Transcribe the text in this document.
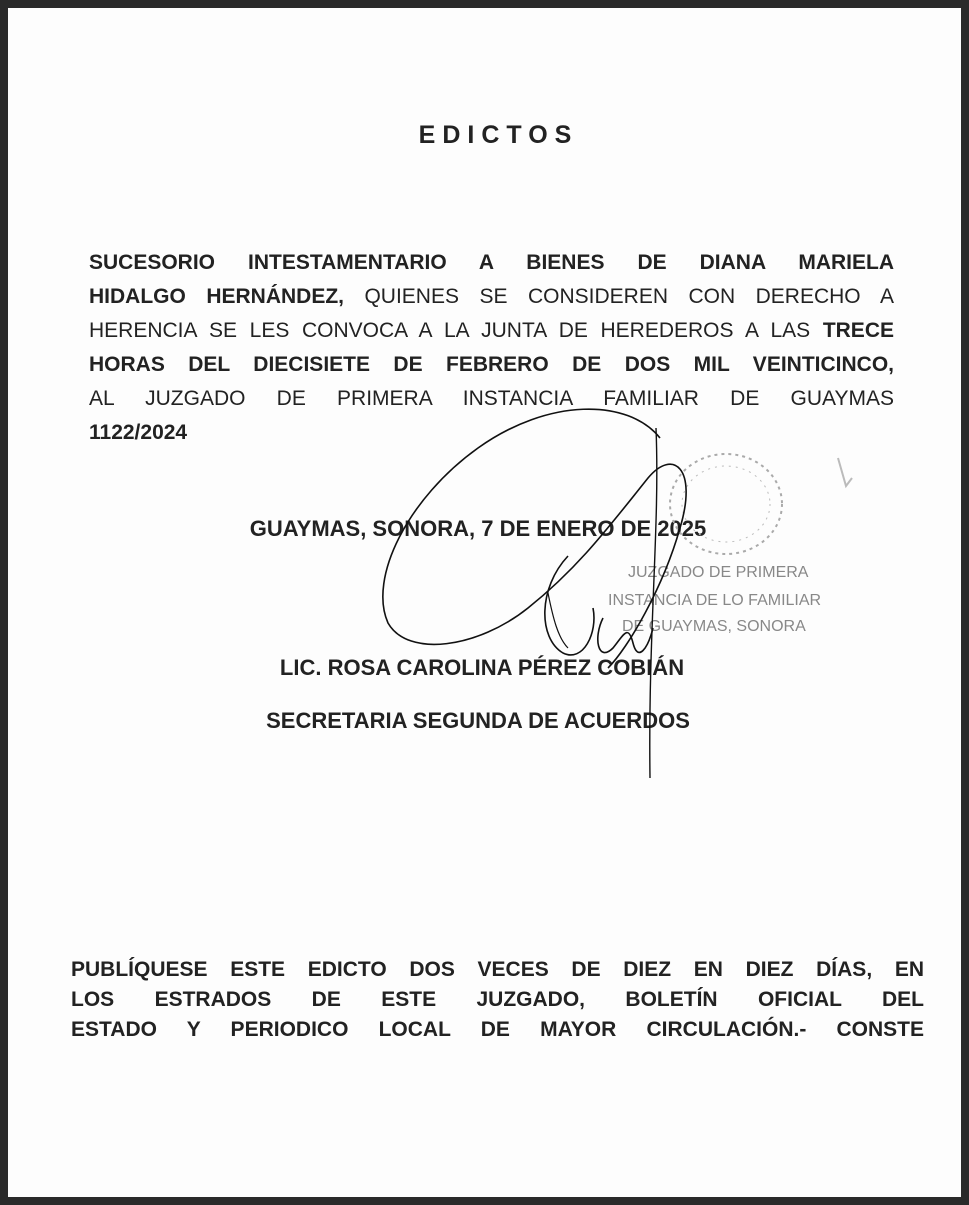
EDICTOS
SUCESORIO INTESTAMENTARIO A BIENES DE DIANA MARIELA
HIDALGO HERNÁNDEZ, QUIENES SE CONSIDEREN CON DERECHO A
HERENCIA SE LES CONVOCA A LA JUNTA DE HEREDEROS A LAS TRECE
HORAS DEL DIECISIETE DE FEBRERO DE DOS MIL VEINTICINCO,
AL JUZGADO DE PRIMERA INSTANCIA FAMILIAR DE GUAYMAS
1122/2024
GUAYMAS, SONORA, 7 DE ENERO DE 2025
JUZGADO DE PRIMERA
INSTANCIA DE LO FAMILIAR
DE GUAYMAS, SONORA
LIC. ROSA CAROLINA PÉREZ COBIÁN
SECRETARIA SEGUNDA DE ACUERDOS
PUBLÍQUESE ESTE EDICTO DOS VECES DE DIEZ EN DIEZ DÍAS, EN
LOS ESTRADOS DE ESTE JUZGADO, BOLETÍN OFICIAL DEL
ESTADO Y PERIODICO LOCAL DE MAYOR CIRCULACIÓN.- CONSTE
